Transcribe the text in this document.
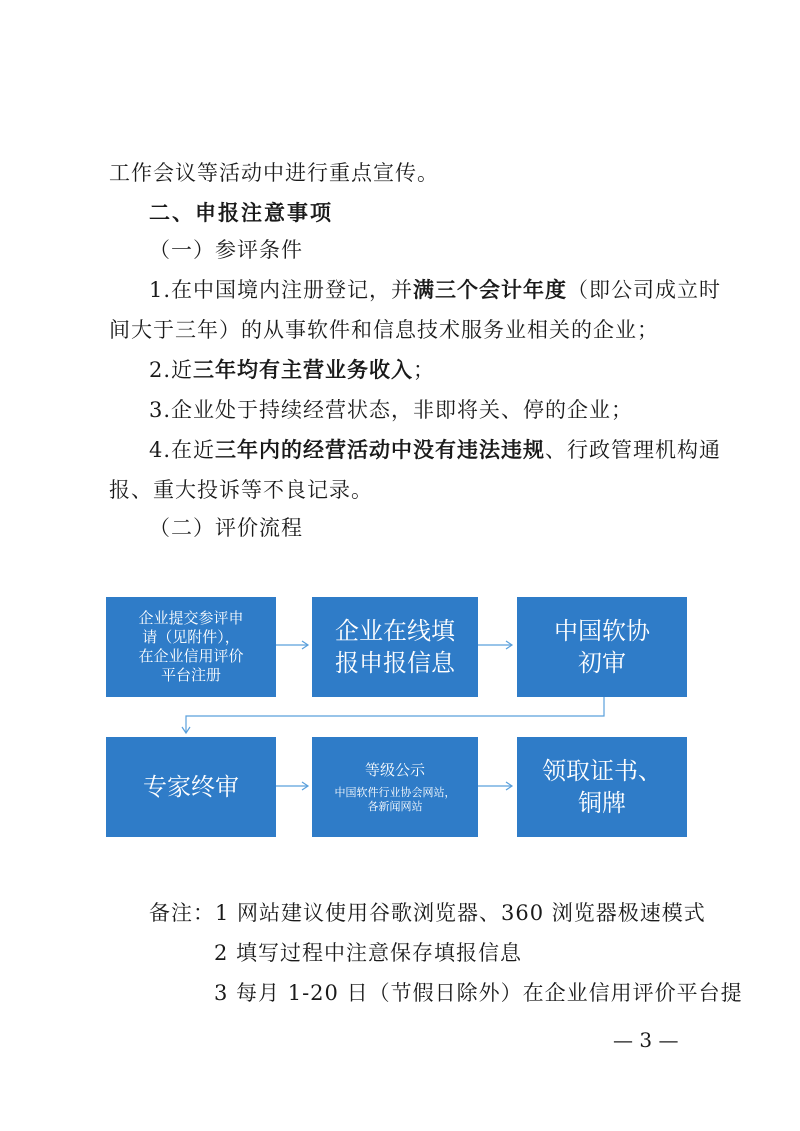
工作会议等活动中进行重点宣传。
二、申报注意事项
（一）参评条件
1.在中国境内注册登记，并满三个会计年度（即公司成立时
间大于三年）的从事软件和信息技术服务业相关的企业；
2.近三年均有主营业务收入；
3.企业处于持续经营状态，非即将关、停的企业；
4.在近三年内的经营活动中没有违法违规、行政管理机构通
报、重大投诉等不良记录。
（二）评价流程
企业提交参评申
请（见附件），
在企业信用评价
平台注册
企业在线填
报申报信息
中国软协
初审
专家终审
等级公示
中国软件行业协会网站，
各新闻网站
领取证书、
铜牌
备注：1 网站建议使用谷歌浏览器、360 浏览器极速模式
2 填写过程中注意保存填报信息
3 每月 1-20 日（节假日除外）在企业信用评价平台提
— 3 —
